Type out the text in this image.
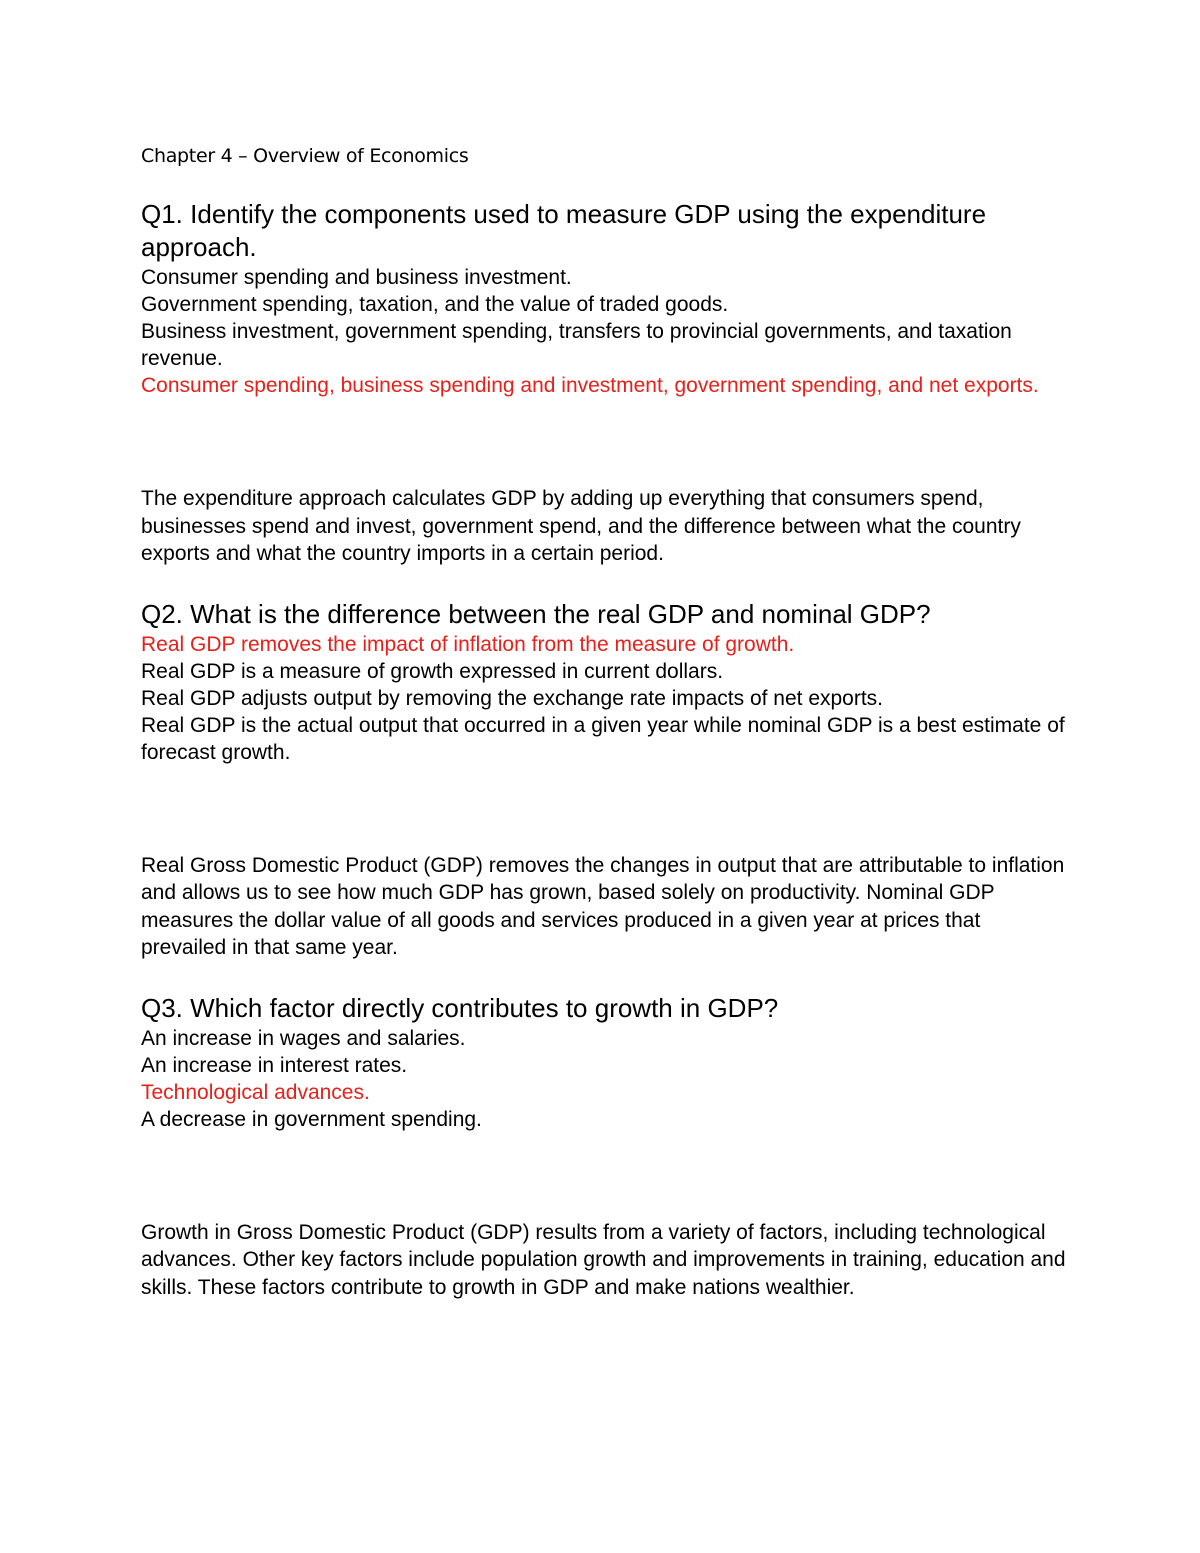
Chapter 4 – Overview of Economics
Q1. Identify the components used to measure GDP using the expenditure approach.
Consumer spending and business investment.
Government spending, taxation, and the value of traded goods.
Business investment, government spending, transfers to provincial governments, and taxation revenue.
Consumer spending, business spending and investment, government spending, and net exports.

The expenditure approach calculates GDP by adding up everything that consumers spend, businesses spend and invest, government spend, and the difference between what the country exports and what the country imports in a certain period.

Q2. What is the difference between the real GDP and nominal GDP?
Real GDP removes the impact of inflation from the measure of growth.
Real GDP is a measure of growth expressed in current dollars.
Real GDP adjusts output by removing the exchange rate impacts of net exports.
Real GDP is the actual output that occurred in a given year while nominal GDP is a best estimate of forecast growth.

Real Gross Domestic Product (GDP) removes the changes in output that are attributable to inflation and allows us to see how much GDP has grown, based solely on productivity. Nominal GDP measures the dollar value of all goods and services produced in a given year at prices that prevailed in that same year.

Q3. Which factor directly contributes to growth in GDP?
An increase in wages and salaries.
An increase in interest rates.
Technological advances.
A decrease in government spending.

Growth in Gross Domestic Product (GDP) results from a variety of factors, including technological advances. Other key factors include population growth and improvements in training, education and skills. These factors contribute to growth in GDP and make nations wealthier.
